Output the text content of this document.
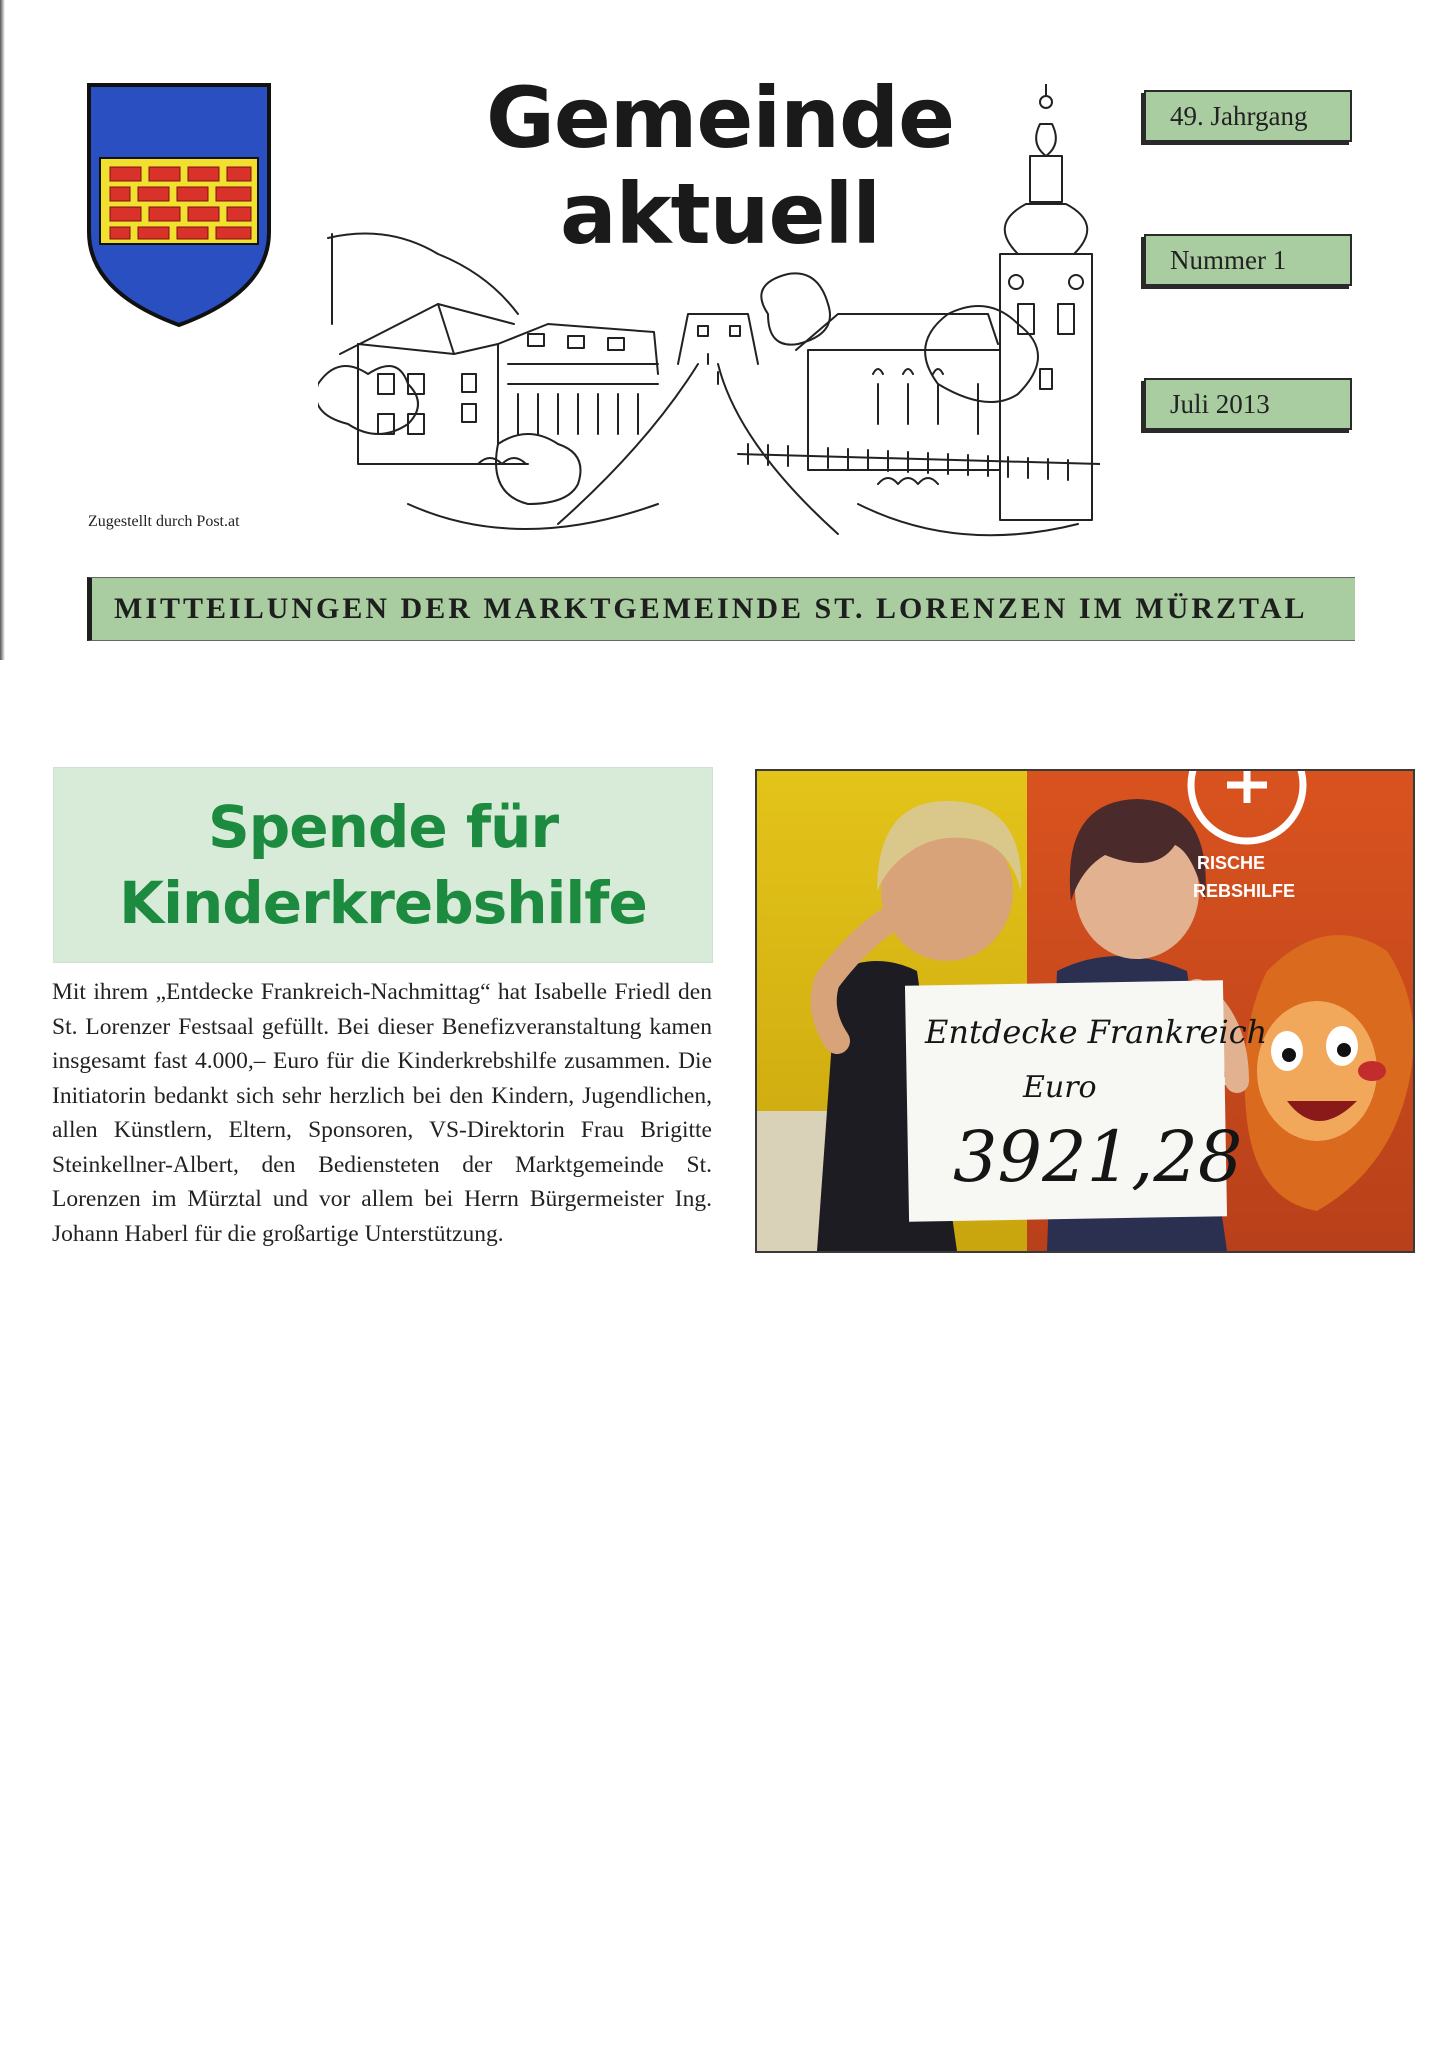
Gemeinde
aktuell
49. Jahrgang
Nummer 1
Juli 2013
Zugestellt durch Post.at
MITTEILUNGEN DER MARKTGEMEINDE ST. LORENZEN IM MÜRZTAL
Spende für
Kinderkrebshilfe

Mit ihrem „Entdecke Frankreich-Nachmittag“ hat Isabelle Friedl den St. Lorenzer Festsaal gefüllt. Bei dieser Benefizveranstaltung kamen insgesamt fast 4.000,– Euro für die Kinderkrebshilfe zusammen. Die Initiatorin bedankt sich sehr herzlich bei den Kindern, Jugendlichen, allen Künstlern, Eltern, Sponsoren, VS-Direktorin Frau Brigitte Steinkellner-Albert, den Bediensteten der Marktgemeinde St. Lorenzen im Mürztal und vor allem bei Herrn Bürgermeister Ing. Johann Haberl für die großartige Unterstützung.

RISCHE
REBSHILFE
Entdecke Frankreich
Euro
3921,28
